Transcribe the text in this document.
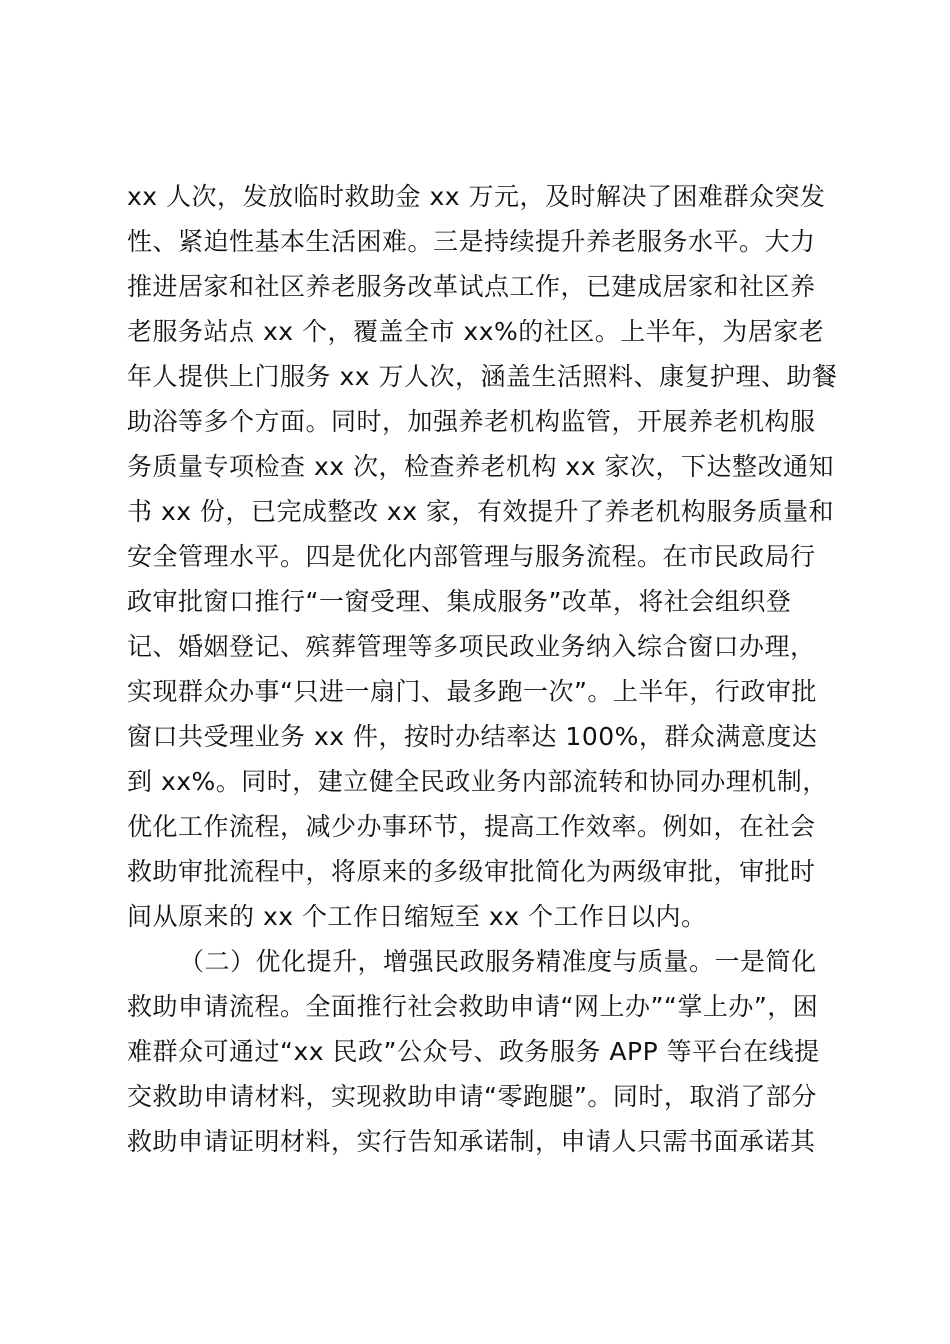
xx 人次，发放临时救助金 xx 万元，及时解决了困难群众突发
性、紧迫性基本生活困难。三是持续提升养老服务水平。大力
推进居家和社区养老服务改革试点工作，已建成居家和社区养
老服务站点 xx 个，覆盖全市 xx%的社区。上半年，为居家老
年人提供上门服务 xx 万人次，涵盖生活照料、康复护理、助餐
助浴等多个方面。同时，加强养老机构监管，开展养老机构服
务质量专项检查 xx 次，检查养老机构 xx 家次，下达整改通知
书 xx 份，已完成整改 xx 家，有效提升了养老机构服务质量和
安全管理水平。四是优化内部管理与服务流程。在市民政局行
政审批窗口推行“一窗受理、集成服务”改革，将社会组织登
记、婚姻登记、殡葬管理等多项民政业务纳入综合窗口办理，
实现群众办事“只进一扇门、最多跑一次”。上半年，行政审批
窗口共受理业务 xx 件，按时办结率达 100%，群众满意度达
到 xx%。同时，建立健全民政业务内部流转和协同办理机制，
优化工作流程，减少办事环节，提高工作效率。例如，在社会
救助审批流程中，将原来的多级审批简化为两级审批，审批时
间从原来的 xx 个工作日缩短至 xx 个工作日以内。
（二）优化提升，增强民政服务精准度与质量。一是简化
救助申请流程。全面推行社会救助申请“网上办”“掌上办”，困
难群众可通过“xx 民政”公众号、政务服务 APP 等平台在线提
交救助申请材料，实现救助申请“零跑腿”。同时，取消了部分
救助申请证明材料，实行告知承诺制，申请人只需书面承诺其
